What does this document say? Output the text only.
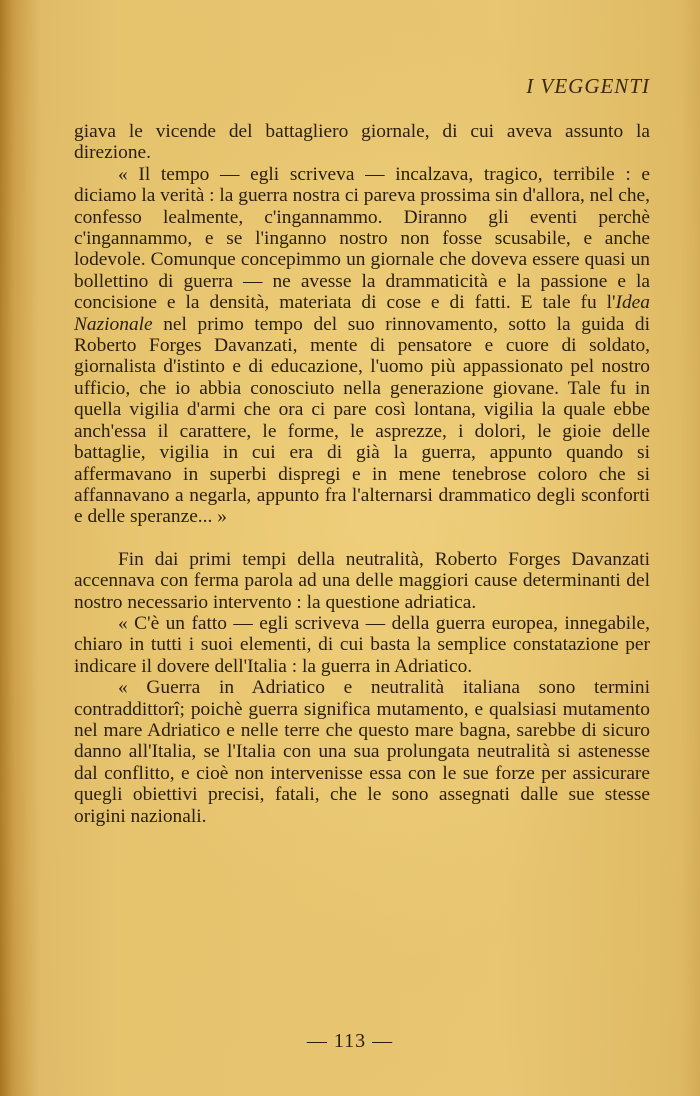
I VEGGENTI

giava le vicende del battagliero giornale, di cui aveva assunto la direzione.

« Il tempo — egli scriveva — incalzava, tragico, terribile : e diciamo la verità : la guerra nostra ci pareva prossima sin d'allora, nel che, confesso lealmente, c'ingannammo. Diranno gli eventi perchè c'ingannammo, e se l'inganno nostro non fosse scusabile, e anche lodevole. Comunque concepimmo un giornale che doveva essere quasi un bollettino di guerra — ne avesse la drammaticità e la passione e la concisione e la densità, materiata di cose e di fatti. E tale fu l'Idea Nazionale nel primo tempo del suo rinnovamento, sotto la guida di Roberto Forges Davanzati, mente di pensatore e cuore di soldato, giornalista d'istinto e di educazione, l'uomo più appassionato pel nostro ufficio, che io abbia conosciuto nella generazione giovane. Tale fu in quella vigilia d'armi che ora ci pare così lontana, vigilia la quale ebbe anch'essa il carattere, le forme, le asprezze, i dolori, le gioie delle battaglie, vigilia in cui era di già la guerra, appunto quando si affermavano in superbi dispregi e in mene tenebrose coloro che si affannavano a negarla, appunto fra l'alternarsi drammatico degli sconforti e delle speranze... »

Fin dai primi tempi della neutralità, Roberto Forges Davanzati accennava con ferma parola ad una delle maggiori cause determinanti del nostro necessario intervento : la questione adriatica.

« C'è un fatto — egli scriveva — della guerra europea, innegabile, chiaro in tutti i suoi elementi, di cui basta la semplice constatazione per indicare il dovere dell'Italia : la guerra in Adriatico.

« Guerra in Adriatico e neutralità italiana sono termini contraddittorî; poichè guerra significa mutamento, e qualsiasi mutamento nel mare Adriatico e nelle terre che questo mare bagna, sarebbe di sicuro danno all'Italia, se l'Italia con una sua prolungata neutralità si astenesse dal conflitto, e cioè non intervenisse essa con le sue forze per assicurare quegli obiettivi precisi, fatali, che le sono assegnati dalle sue stesse origini nazionali.

— 113 —
